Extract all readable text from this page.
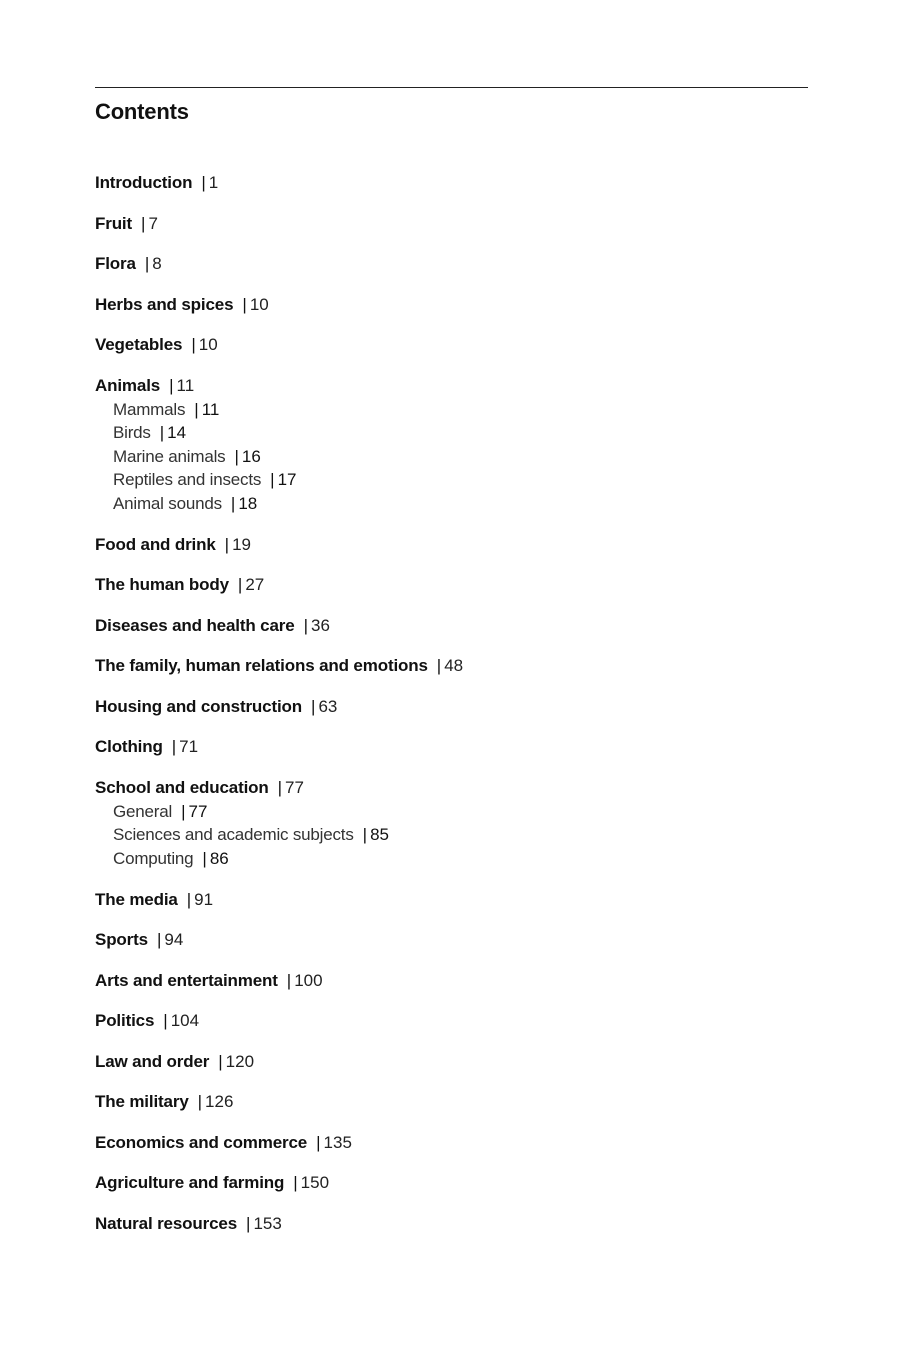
Contents
Introduction | 1
Fruit | 7
Flora | 8
Herbs and spices | 10
Vegetables | 10
Animals | 11
Mammals | 11
Birds | 14
Marine animals | 16
Reptiles and insects | 17
Animal sounds | 18
Food and drink | 19
The human body | 27
Diseases and health care | 36
The family, human relations and emotions | 48
Housing and construction | 63
Clothing | 71
School and education | 77
General | 77
Sciences and academic subjects | 85
Computing | 86
The media | 91
Sports | 94
Arts and entertainment | 100
Politics | 104
Law and order | 120
The military | 126
Economics and commerce | 135
Agriculture and farming | 150
Natural resources | 153
